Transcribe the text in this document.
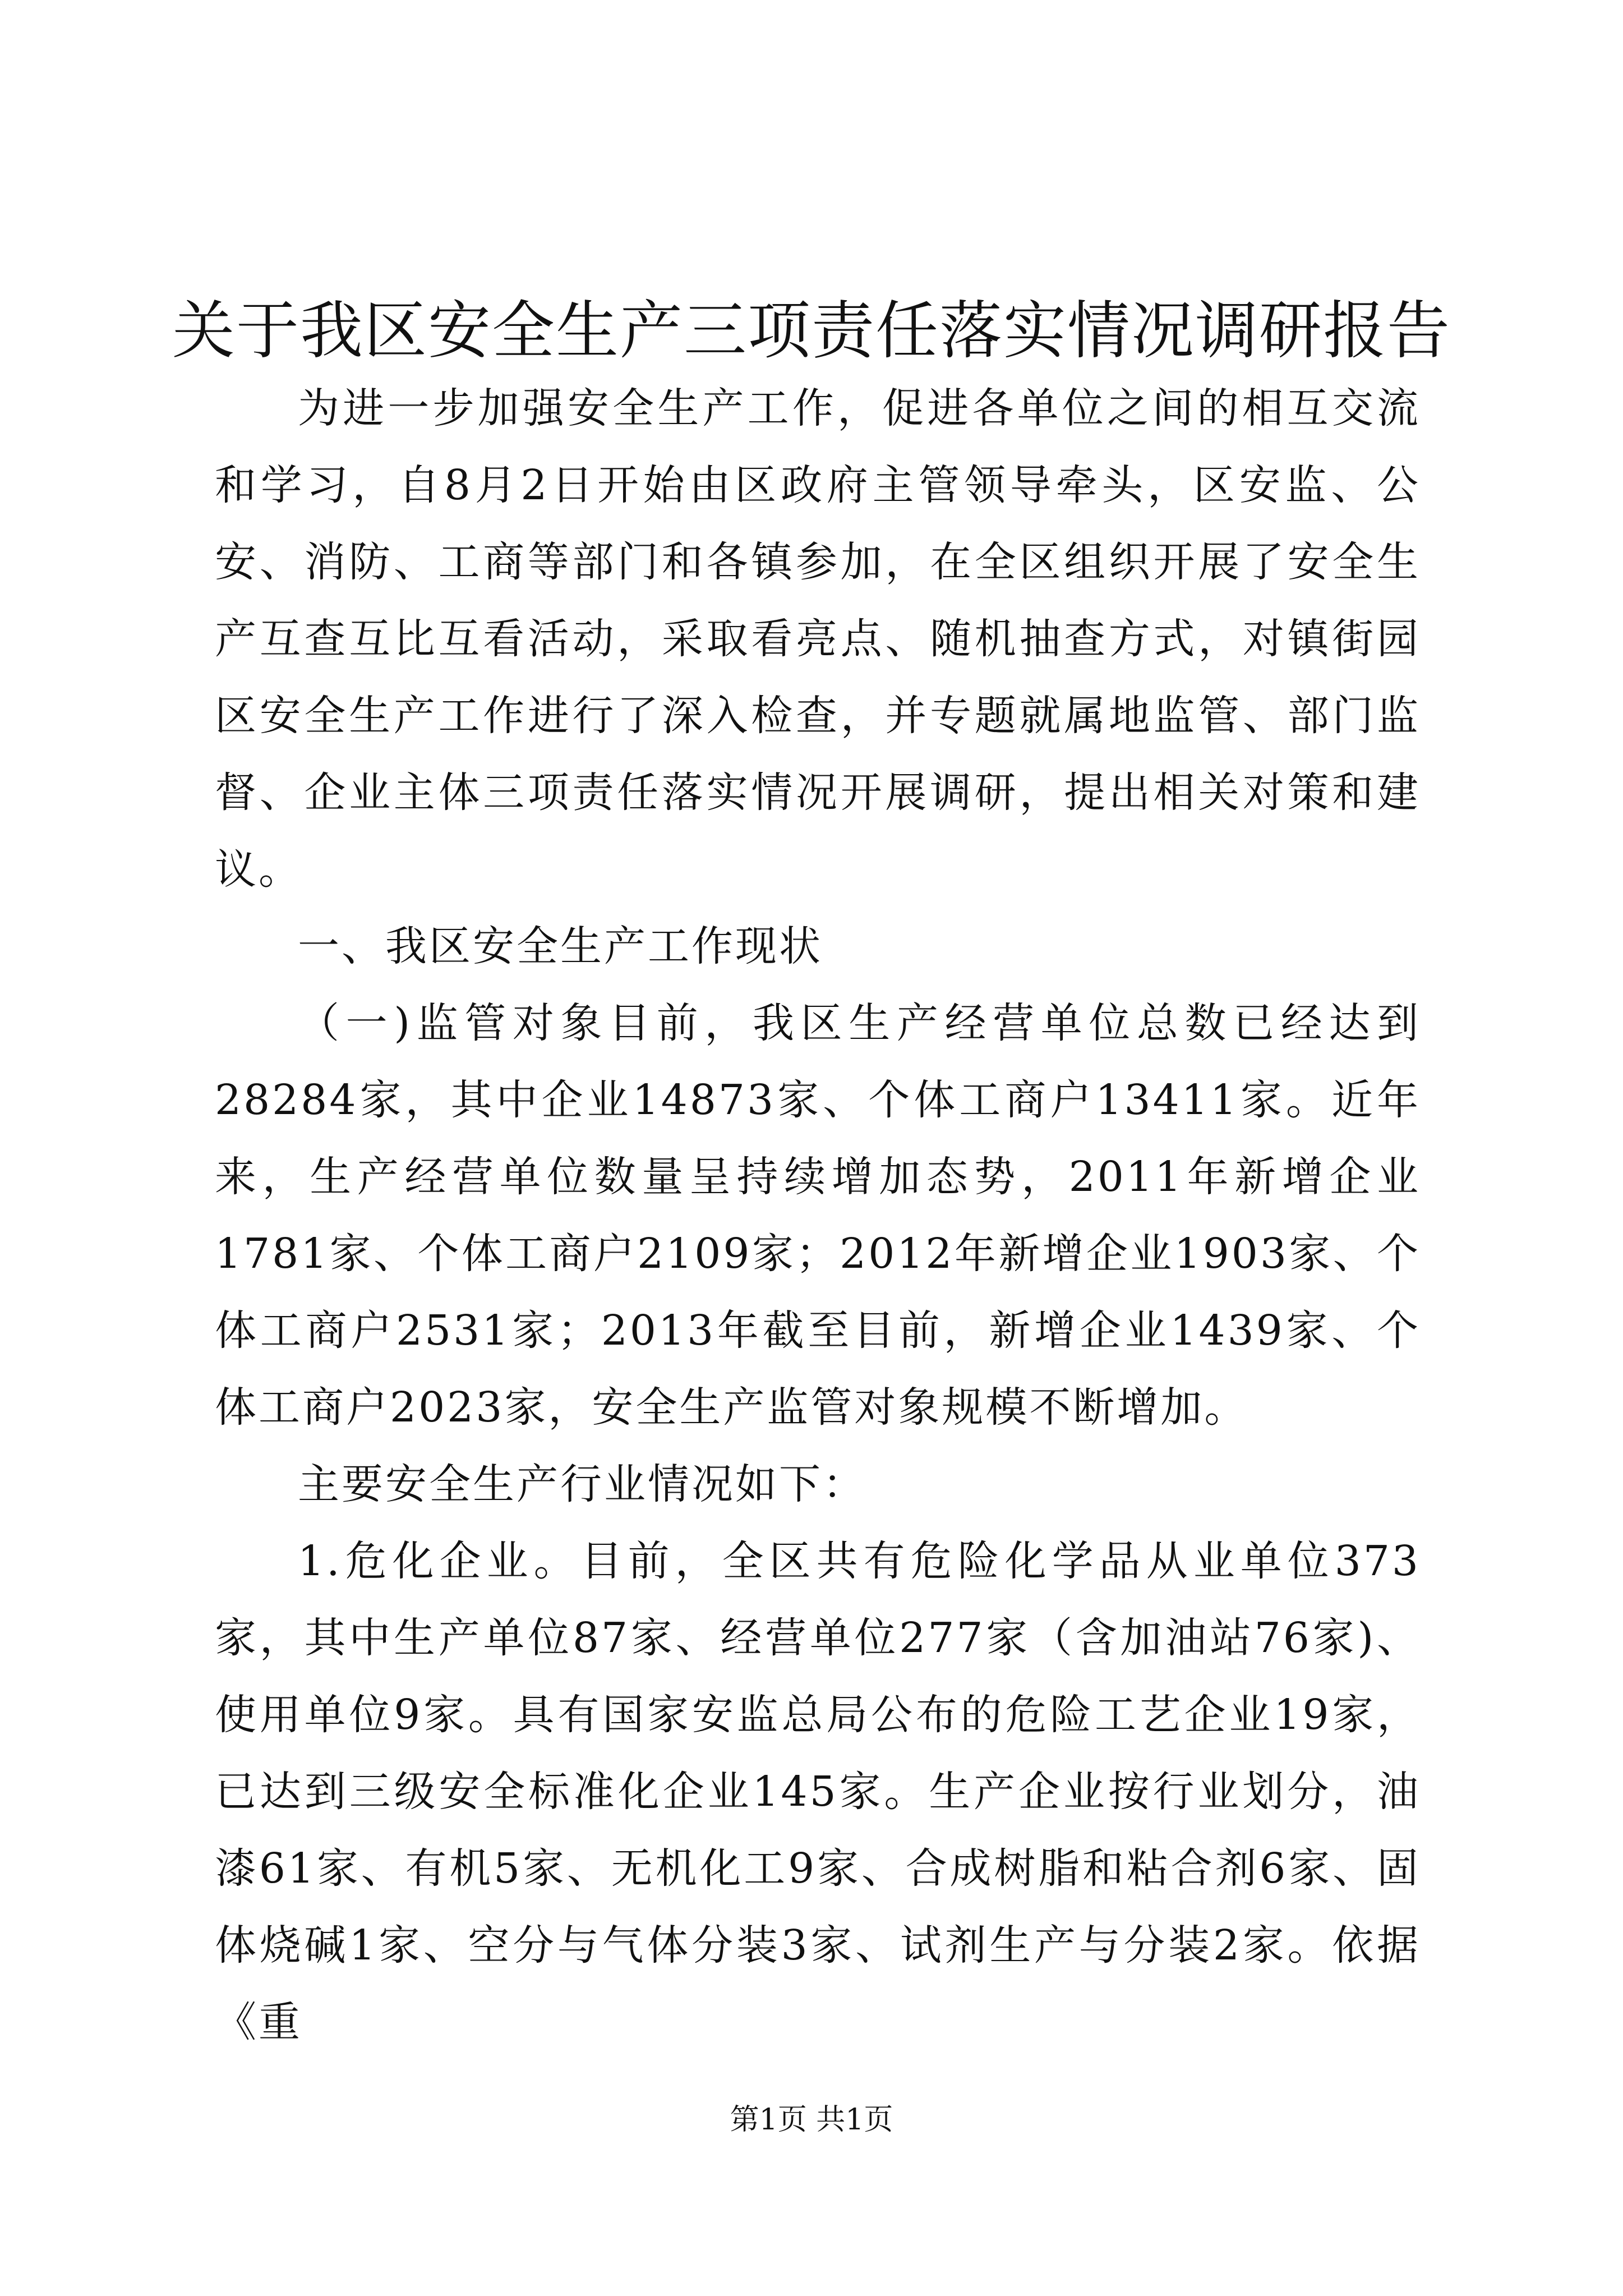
关于我区安全生产三项责任落实情况调研报告

为进一步加强安全生产工作，促进各单位之间的相互交流和学习，自8月2日开始由区政府主管领导牵头，区安监、公安、消防、工商等部门和各镇参加，在全区组织开展了安全生产互查互比互看活动，采取看亮点、随机抽查方式，对镇街园区安全生产工作进行了深入检查，并专题就属地监管、部门监督、企业主体三项责任落实情况开展调研，提出相关对策和建议。

一、我区安全生产工作现状

（一)监管对象目前，我区生产经营单位总数已经达到28284家，其中企业14873家、个体工商户13411家。近年来，生产经营单位数量呈持续增加态势，2011年新增企业1781家、个体工商户2109家；2012年新增企业1903家、个体工商户2531家；2013年截至目前，新增企业1439家、个体工商户2023家，安全生产监管对象规模不断增加。

主要安全生产行业情况如下：

1.危化企业。目前，全区共有危险化学品从业单位373家，其中生产单位87家、经营单位277家（含加油站76家)、使用单位9家。具有国家安监总局公布的危险工艺企业19家，已达到三级安全标准化企业145家。生产企业按行业划分，油漆61家、有机5家、无机化工9家、合成树脂和粘合剂6家、固体烧碱1家、空分与气体分装3家、试剂生产与分装2家。依据《重

第1页 共1页
